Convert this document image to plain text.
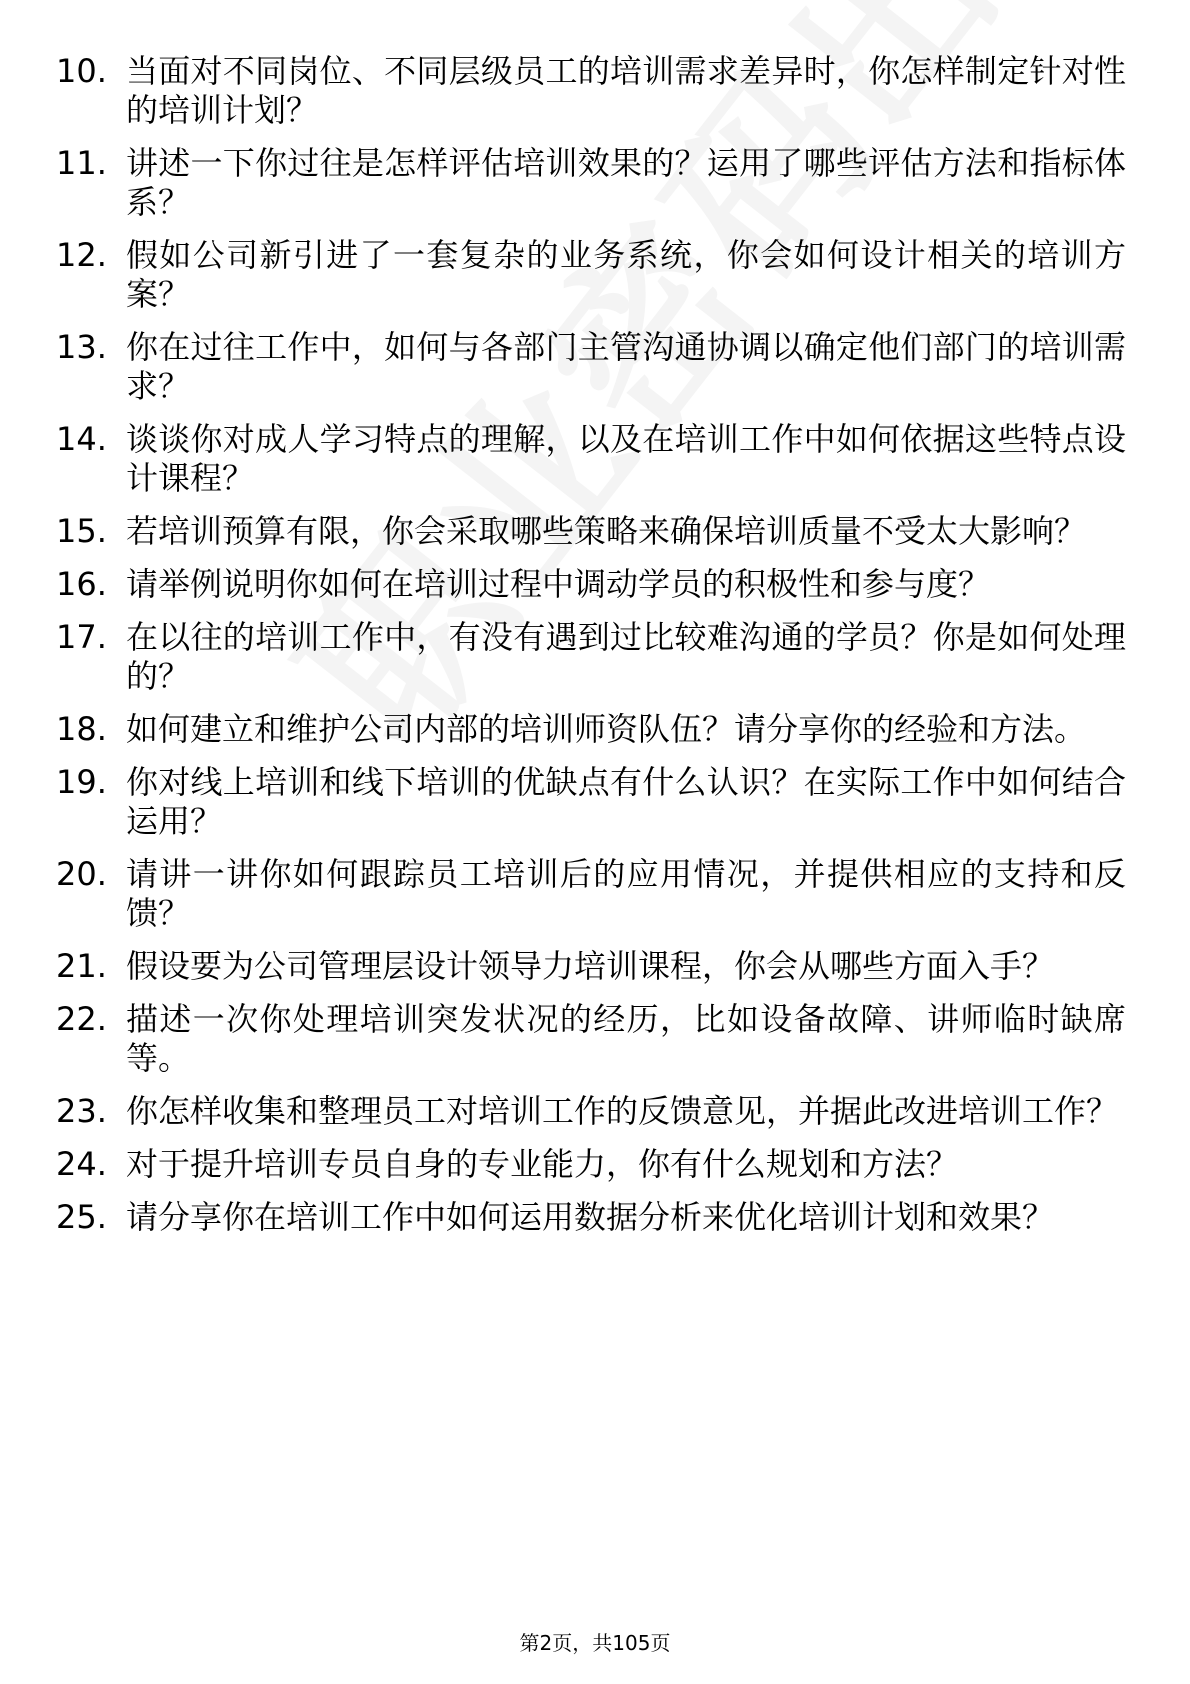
10. 当面对不同岗位、不同层级员工的培训需求差异时，你怎样制定针对性的培训计划？
11. 讲述一下你过往是怎样评估培训效果的？运用了哪些评估方法和指标体系？
12. 假如公司新引进了一套复杂的业务系统，你会如何设计相关的培训方案？
13. 你在过往工作中，如何与各部门主管沟通协调以确定他们部门的培训需求？
14. 谈谈你对成人学习特点的理解，以及在培训工作中如何依据这些特点设计课程？
15. 若培训预算有限，你会采取哪些策略来确保培训质量不受太大影响？
16. 请举例说明你如何在培训过程中调动学员的积极性和参与度？
17. 在以往的培训工作中，有没有遇到过比较难沟通的学员？你是如何处理的？
18. 如何建立和维护公司内部的培训师资队伍？请分享你的经验和方法。
19. 你对线上培训和线下培训的优缺点有什么认识？在实际工作中如何结合运用？
20. 请讲一讲你如何跟踪员工培训后的应用情况，并提供相应的支持和反馈？
21. 假设要为公司管理层设计领导力培训课程，你会从哪些方面入手？
22. 描述一次你处理培训突发状况的经历，比如设备故障、讲师临时缺席等。
23. 你怎样收集和整理员工对培训工作的反馈意见，并据此改进培训工作？
24. 对于提升培训专员自身的专业能力，你有什么规划和方法？
25. 请分享你在培训工作中如何运用数据分析来优化培训计划和效果？
第2页，共105页
